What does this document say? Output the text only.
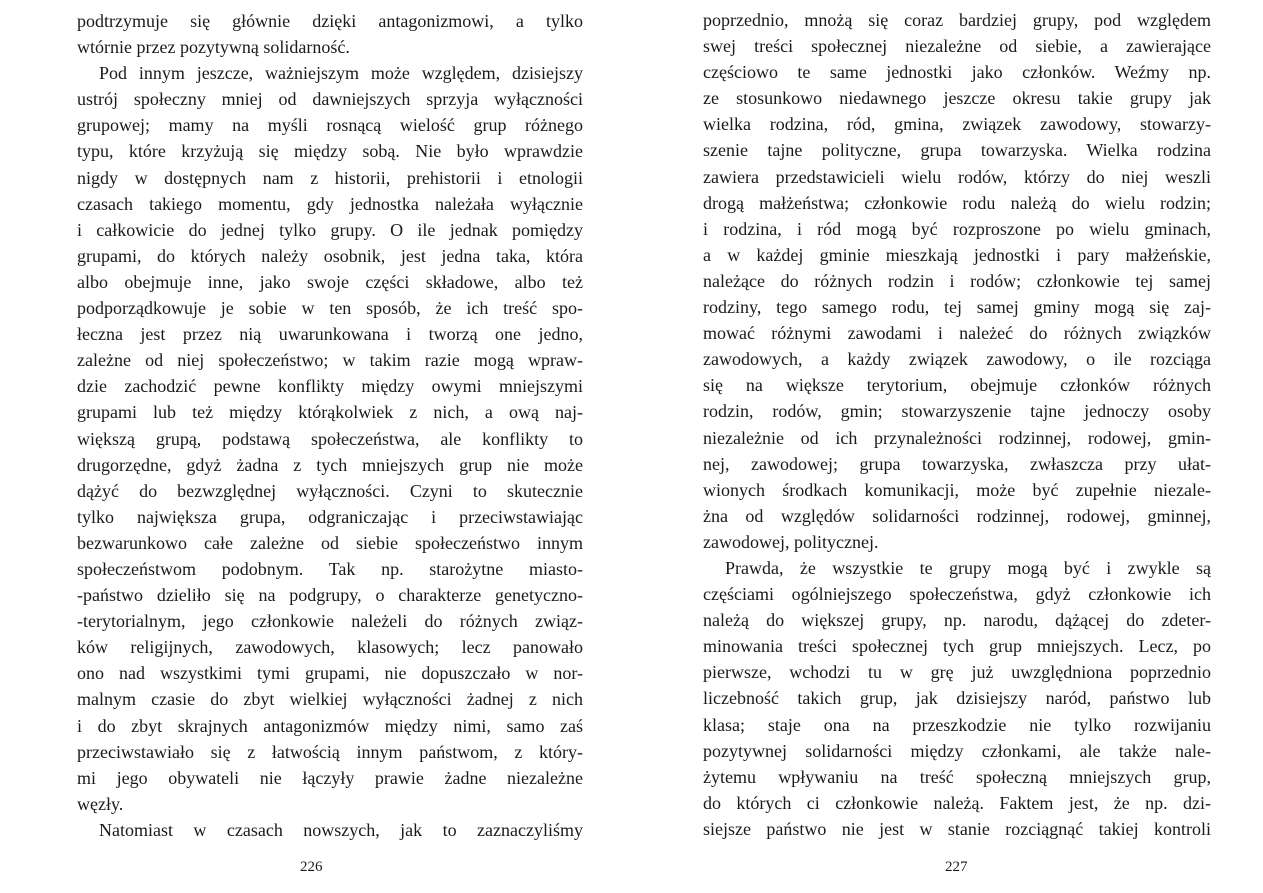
podtrzymuje się głównie dzięki antagonizmowi, a tylko
wtórnie przez pozytywną solidarność.
Pod innym jeszcze, ważniejszym może względem, dzisiejszy
ustrój społeczny mniej od dawniejszych sprzyja wyłączności
grupowej; mamy na myśli rosnącą wielość grup różnego
typu, które krzyżują się między sobą. Nie było wprawdzie
nigdy w dostępnych nam z historii, prehistorii i etnologii
czasach takiego momentu, gdy jednostka należała wyłącznie
i całkowicie do jednej tylko grupy. O ile jednak pomiędzy
grupami, do których należy osobnik, jest jedna taka, która
albo obejmuje inne, jako swoje części składowe, albo też
podporządkowuje je sobie w ten sposób, że ich treść spo-
łeczna jest przez nią uwarunkowana i tworzą one jedno,
zależne od niej społeczeństwo; w takim razie mogą wpraw-
dzie zachodzić pewne konflikty między owymi mniejszymi
grupami lub też między którąkolwiek z nich, a ową naj-
większą grupą, podstawą społeczeństwa, ale konflikty to
drugorzędne, gdyż żadna z tych mniejszych grup nie może
dążyć do bezwzględnej wyłączności. Czyni to skutecznie
tylko największa grupa, odgraniczając i przeciwstawiając
bezwarunkowo całe zależne od siebie społeczeństwo innym
społeczeństwom podobnym. Tak np. starożytne miasto-
-państwo dzieliło się na podgrupy, o charakterze genetyczno-
-terytorialnym, jego członkowie należeli do różnych związ-
ków religijnych, zawodowych, klasowych; lecz panowało
ono nad wszystkimi tymi grupami, nie dopuszczało w nor-
malnym czasie do zbyt wielkiej wyłączności żadnej z nich
i do zbyt skrajnych antagonizmów między nimi, samo zaś
przeciwstawiało się z łatwością innym państwom, z który-
mi jego obywateli nie łączyły prawie żadne niezależne
węzły.
Natomiast w czasach nowszych, jak to zaznaczyliśmy
226
poprzednio, mnożą się coraz bardziej grupy, pod względem
swej treści społecznej niezależne od siebie, a zawierające
częściowo te same jednostki jako członków. Weźmy np.
ze stosunkowo niedawnego jeszcze okresu takie grupy jak
wielka rodzina, ród, gmina, związek zawodowy, stowarzy-
szenie tajne polityczne, grupa towarzyska. Wielka rodzina
zawiera przedstawicieli wielu rodów, którzy do niej weszli
drogą małżeństwa; członkowie rodu należą do wielu rodzin;
i rodzina, i ród mogą być rozproszone po wielu gminach,
a w każdej gminie mieszkają jednostki i pary małżeńskie,
należące do różnych rodzin i rodów; członkowie tej samej
rodziny, tego samego rodu, tej samej gminy mogą się zaj-
mować różnymi zawodami i należeć do różnych związków
zawodowych, a każdy związek zawodowy, o ile rozciąga
się na większe terytorium, obejmuje członków różnych
rodzin, rodów, gmin; stowarzyszenie tajne jednoczy osoby
niezależnie od ich przynależności rodzinnej, rodowej, gmin-
nej, zawodowej; grupa towarzyska, zwłaszcza przy ułat-
wionych środkach komunikacji, może być zupełnie niezale-
żna od względów solidarności rodzinnej, rodowej, gminnej,
zawodowej, politycznej.
Prawda, że wszystkie te grupy mogą być i zwykle są
częściami ogólniejszego społeczeństwa, gdyż członkowie ich
należą do większej grupy, np. narodu, dążącej do zdeter-
minowania treści społecznej tych grup mniejszych. Lecz, po
pierwsze, wchodzi tu w grę już uwzględniona poprzednio
liczebność takich grup, jak dzisiejszy naród, państwo lub
klasa; staje ona na przeszkodzie nie tylko rozwijaniu
pozytywnej solidarności między członkami, ale także nale-
żytemu wpływaniu na treść społeczną mniejszych grup,
do których ci członkowie należą. Faktem jest, że np. dzi-
siejsze państwo nie jest w stanie rozciągnąć takiej kontroli
227
